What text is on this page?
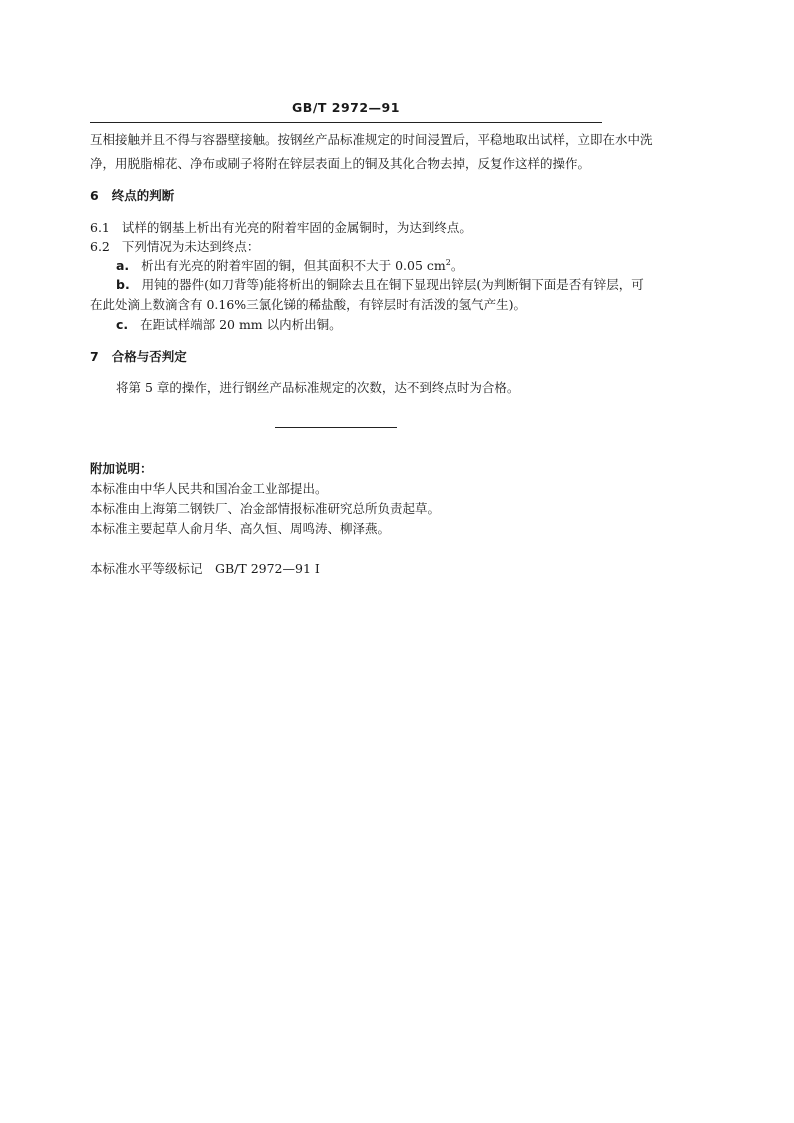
GB/T 2972—91
互相接触并且不得与容器壁接触。按钢丝产品标准规定的时间浸置后，平稳地取出试样，立即在水中洗
净，用脱脂棉花、净布或刷子将附在锌层表面上的铜及其化合物去掉，反复作这样的操作。
6 终点的判断
6.1 试样的钢基上析出有光亮的附着牢固的金属铜时，为达到终点。
6.2 下列情况为未达到终点：
a. 析出有光亮的附着牢固的铜，但其面积不大于 0.05 $cm^2$。
b. 用钝的器件(如刀背等)能将析出的铜除去且在铜下显现出锌层(为判断铜下面是否有锌层，可
在此处滴上数滴含有 0.16%三氯化锑的稀盐酸，有锌层时有活泼的氢气产生)。
c. 在距试样端部 20 mm 以内析出铜。
7 合格与否判定
将第 5 章的操作，进行钢丝产品标准规定的次数，达不到终点时为合格。
附加说明：
本标准由中华人民共和国冶金工业部提出。
本标准由上海第二钢铁厂、冶金部情报标准研究总所负责起草。
本标准主要起草人俞月华、高久恒、周鸣涛、柳泽燕。
本标准水平等级标记　GB/T 2972—91 I
